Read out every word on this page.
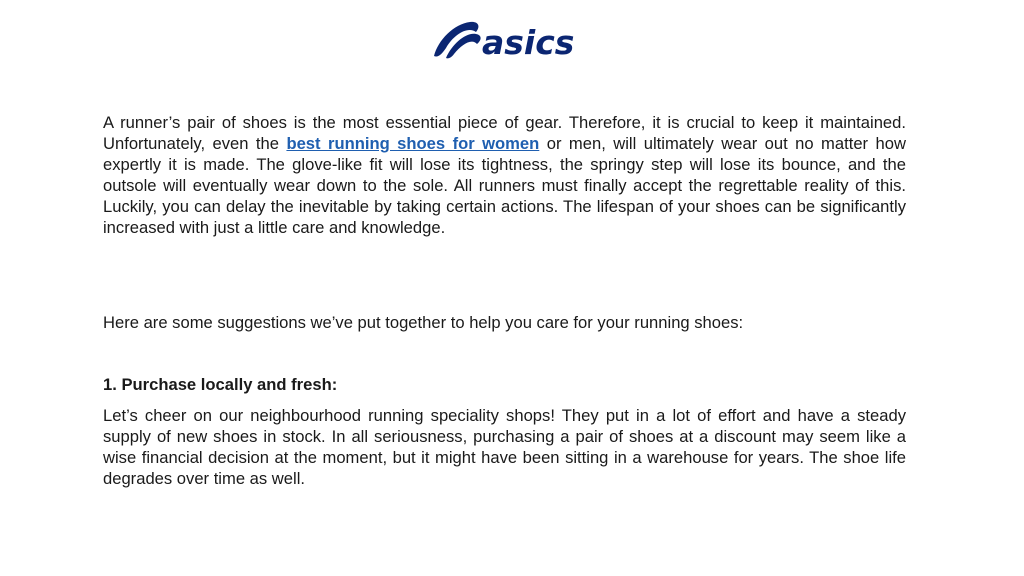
asics

A runner’s pair of shoes is the most essential piece of gear. Therefore, it is crucial to keep it maintained. Unfortunately, even the best running shoes for women or men, will ultimately wear out no matter how expertly it is made. The glove-like fit will lose its tightness, the springy step will lose its bounce, and the outsole will eventually wear down to the sole. All runners must finally accept the regrettable reality of this. Luckily, you can delay the inevitable by taking certain actions. The lifespan of your shoes can be significantly increased with just a little care and knowledge.

Here are some suggestions we’ve put together to help you care for your running shoes:

1. Purchase locally and fresh:

Let’s cheer on our neighbourhood running speciality shops! They put in a lot of effort and have a steady supply of new shoes in stock. In all seriousness, purchasing a pair of shoes at a discount may seem like a wise financial decision at the moment, but it might have been sitting in a warehouse for years. The shoe life degrades over time as well.
